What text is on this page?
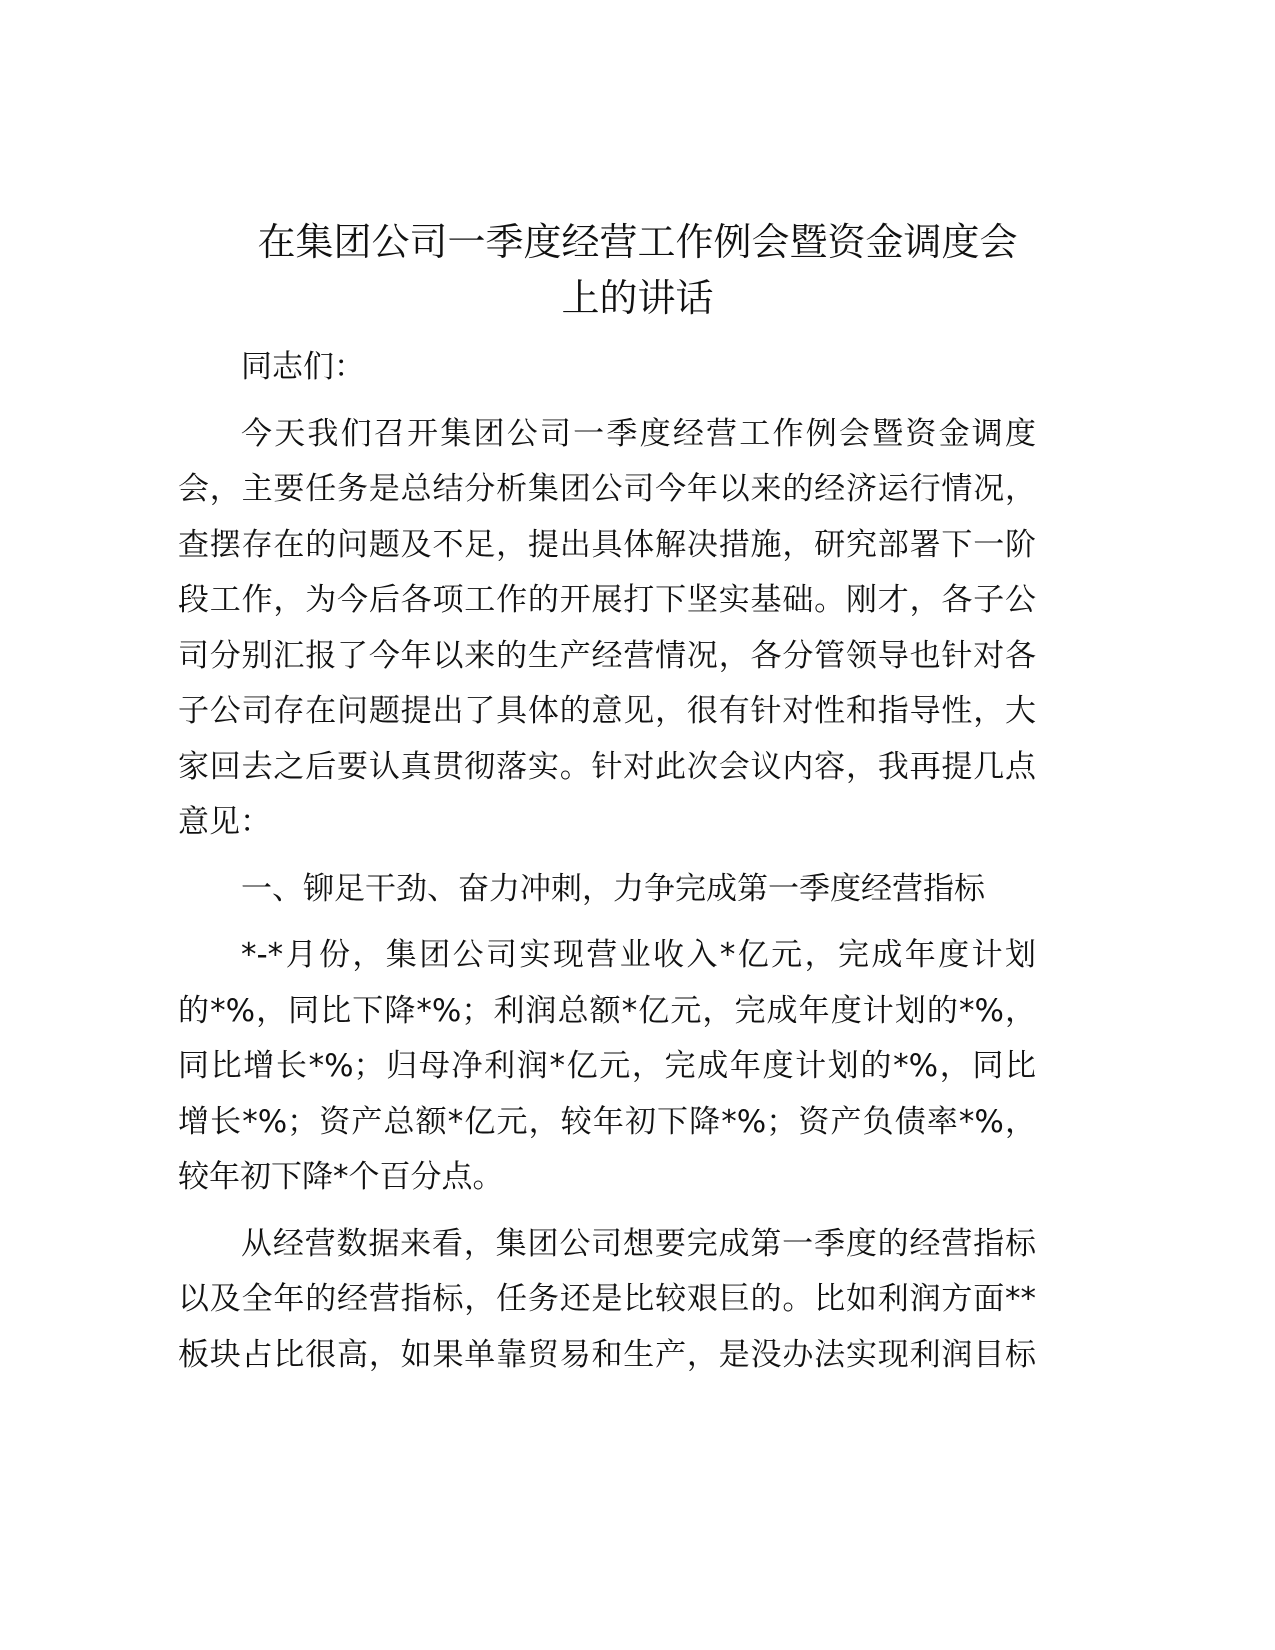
在集团公司一季度经营工作例会暨资金调度会
上的讲话
同志们：
今天我们召开集团公司一季度经营工作例会暨资金调度
会，主要任务是总结分析集团公司今年以来的经济运行情况，
查摆存在的问题及不足，提出具体解决措施，研究部署下一阶
段工作，为今后各项工作的开展打下坚实基础。刚才，各子公
司分别汇报了今年以来的生产经营情况，各分管领导也针对各
子公司存在问题提出了具体的意见，很有针对性和指导性，大
家回去之后要认真贯彻落实。针对此次会议内容，我再提几点
意见：
一、铆足干劲、奋力冲刺，力争完成第一季度经营指标
*-*月份，集团公司实现营业收入*亿元，完成年度计划
的*%，同比下降*%；利润总额*亿元，完成年度计划的*%，
同比增长*%；归母净利润*亿元，完成年度计划的*%，同比
增长*%；资产总额*亿元，较年初下降*%；资产负债率*%，
较年初下降*个百分点。
从经营数据来看，集团公司想要完成第一季度的经营指标
以及全年的经营指标，任务还是比较艰巨的。比如利润方面**
板块占比很高，如果单靠贸易和生产，是没办法实现利润目标
